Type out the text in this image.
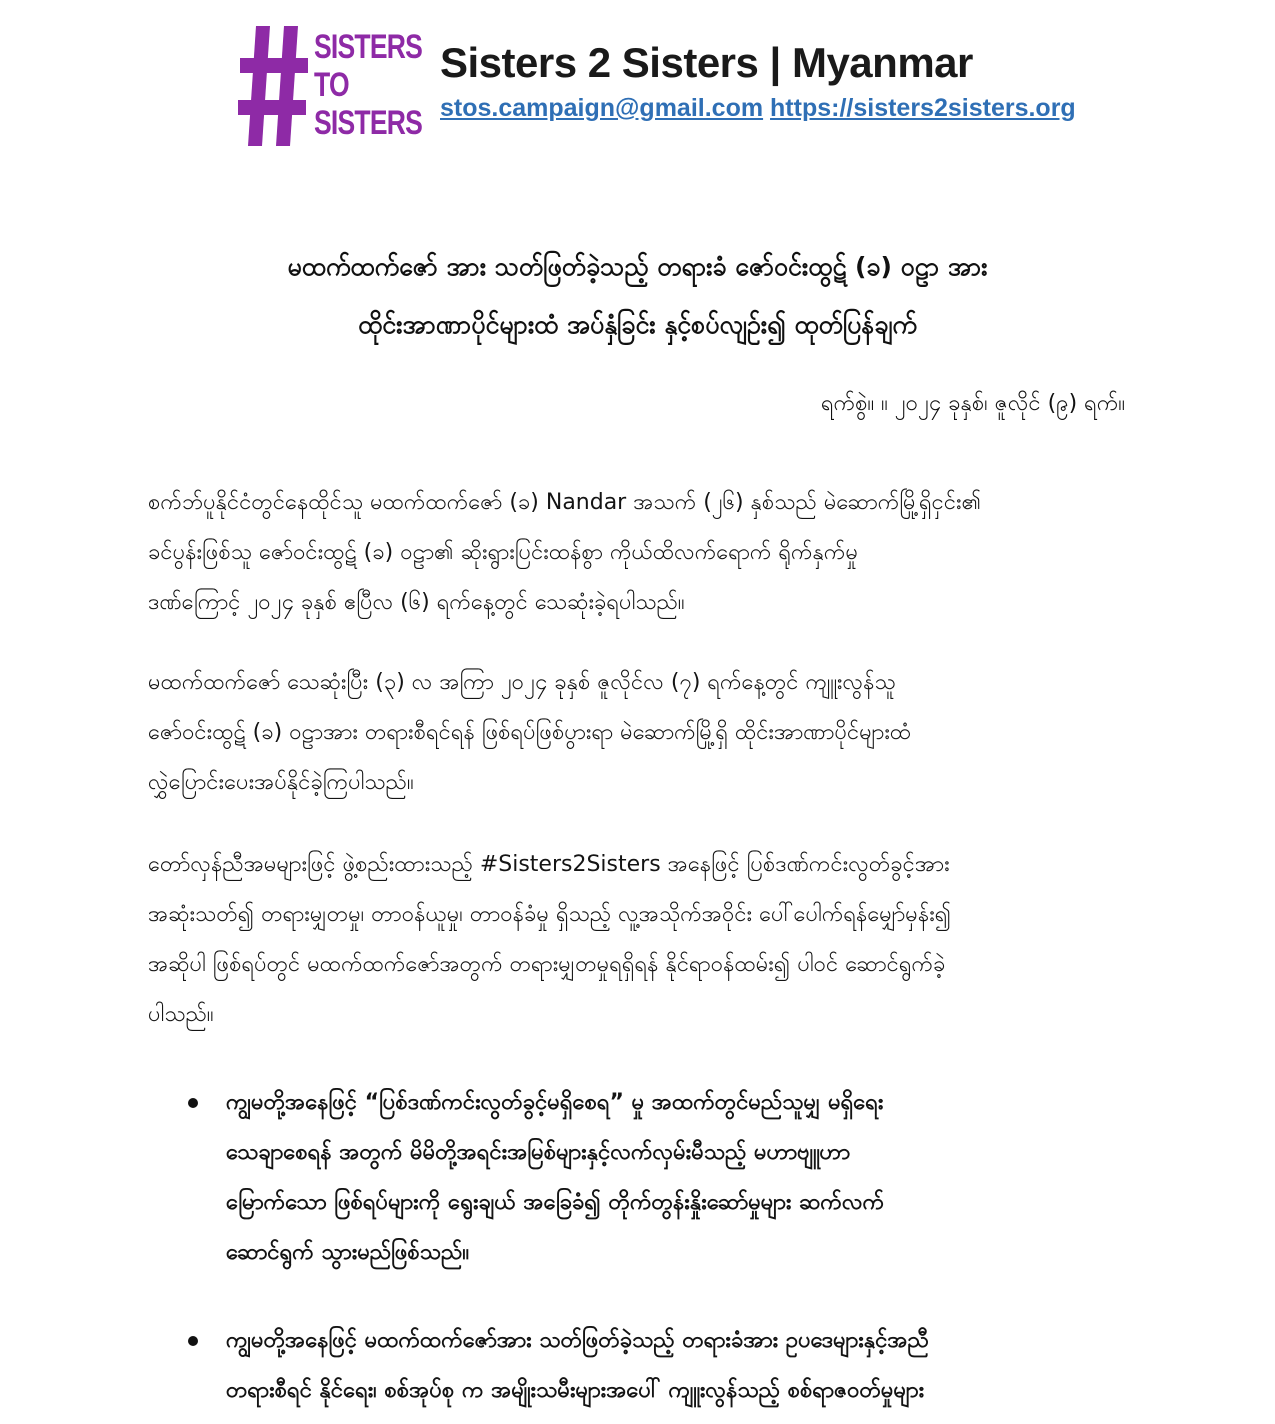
SISTERS
TO
SISTERS
Sisters 2 Sisters | Myanmar
stos.campaign@gmail.com https://sisters2sisters.org
မထက်ထက်ဇော် အား သတ်ဖြတ်ခဲ့သည့် တရားခံ ဇော်ဝင်းထွဋ် (ခ) ဝဠာ အား
ထိုင်းအာဏာပိုင်များထံ အပ်နှံခြင်း နှင့်စပ်လျဉ်း၍ ထုတ်ပြန်ချက်
ရက်စွဲ။ ။ ၂၀၂၄ ခုနှစ်၊ ဇူလိုင် (၉) ရက်။
စက်ဘ်ပူနိုင်ငံတွင်နေထိုင်သူ မထက်ထက်ဇော် (ခ) Nandar အသက် (၂၆) နှစ်သည် မဲဆောက်မြို့ရှိငှင်း၏
ခင်ပွန်းဖြစ်သူ ဇော်ဝင်းထွဋ် (ခ) ဝဠာ၏ ဆိုးရွားပြင်းထန်စွာ ကိုယ်ထိလက်ရောက် ရိုက်နှက်မှု
ဒဏ်ကြောင့် ၂၀၂၄ ခုနှစ် ဧပြီလ (၆) ရက်နေ့တွင် သေဆုံးခဲ့ရပါသည်။
မထက်ထက်ဇော် သေဆုံးပြီး (၃) လ အကြာ ၂၀၂၄ ခုနှစ် ဇူလိုင်လ (၇) ရက်နေ့တွင် ကျူးလွန်သူ
ဇော်ဝင်းထွဋ် (ခ) ဝဠာအား တရားစီရင်ရန် ဖြစ်ရပ်ဖြစ်ပွားရာ မဲဆောက်မြို့ရှိ ထိုင်းအာဏာပိုင်များထံ
လွှဲပြောင်းပေးအပ်နိုင်ခဲ့ကြပါသည်။
တော်လှန်ညီအမများဖြင့် ဖွဲ့စည်းထားသည့် #Sisters2Sisters အနေဖြင့် ပြစ်ဒဏ်ကင်းလွတ်ခွင့်အား
အဆုံးသတ်၍ တရားမျှတမှု၊ တာဝန်ယူမှု၊ တာဝန်ခံမှု ရှိသည့် လူ့အသိုက်အဝိုင်း ပေါ်ပေါက်ရန်မျှော်မှန်း၍
အဆိုပါ ဖြစ်ရပ်တွင် မထက်ထက်ဇော်အတွက် တရားမျှတမှုရရှိရန် နိုင်ရာဝန်ထမ်း၍ ပါဝင် ဆောင်ရွက်ခဲ့
ပါသည်။
ကျွမတို့အနေဖြင့် “ပြစ်ဒဏ်ကင်းလွတ်ခွင့်မရှိစေရ” မှု အထက်တွင်မည်သူမျှ မရှိရေး
သေချာစေရန် အတွက် မိမိတို့အရင်းအမြစ်များနှင့်လက်လှမ်းမီသည့် မဟာဗျူဟာ
မြောက်သော ဖြစ်ရပ်များကို ရွေးချယ် အခြေခံ၍ တိုက်တွန်းနှိုးဆော်မှုများ ဆက်လက်
ဆောင်ရွက် သွားမည်ဖြစ်သည်။
ကျွမတို့အနေဖြင့် မထက်ထက်ဇော်အား သတ်ဖြတ်ခဲ့သည့် တရားခံအား ဥပဒေများနှင့်အညီ
တရားစီရင် နိုင်ရေး၊ စစ်အုပ်စု က အမျိုးသမီးများအပေါ် ကျူးလွန်သည့် စစ်ရာဇဝတ်မှုများ
